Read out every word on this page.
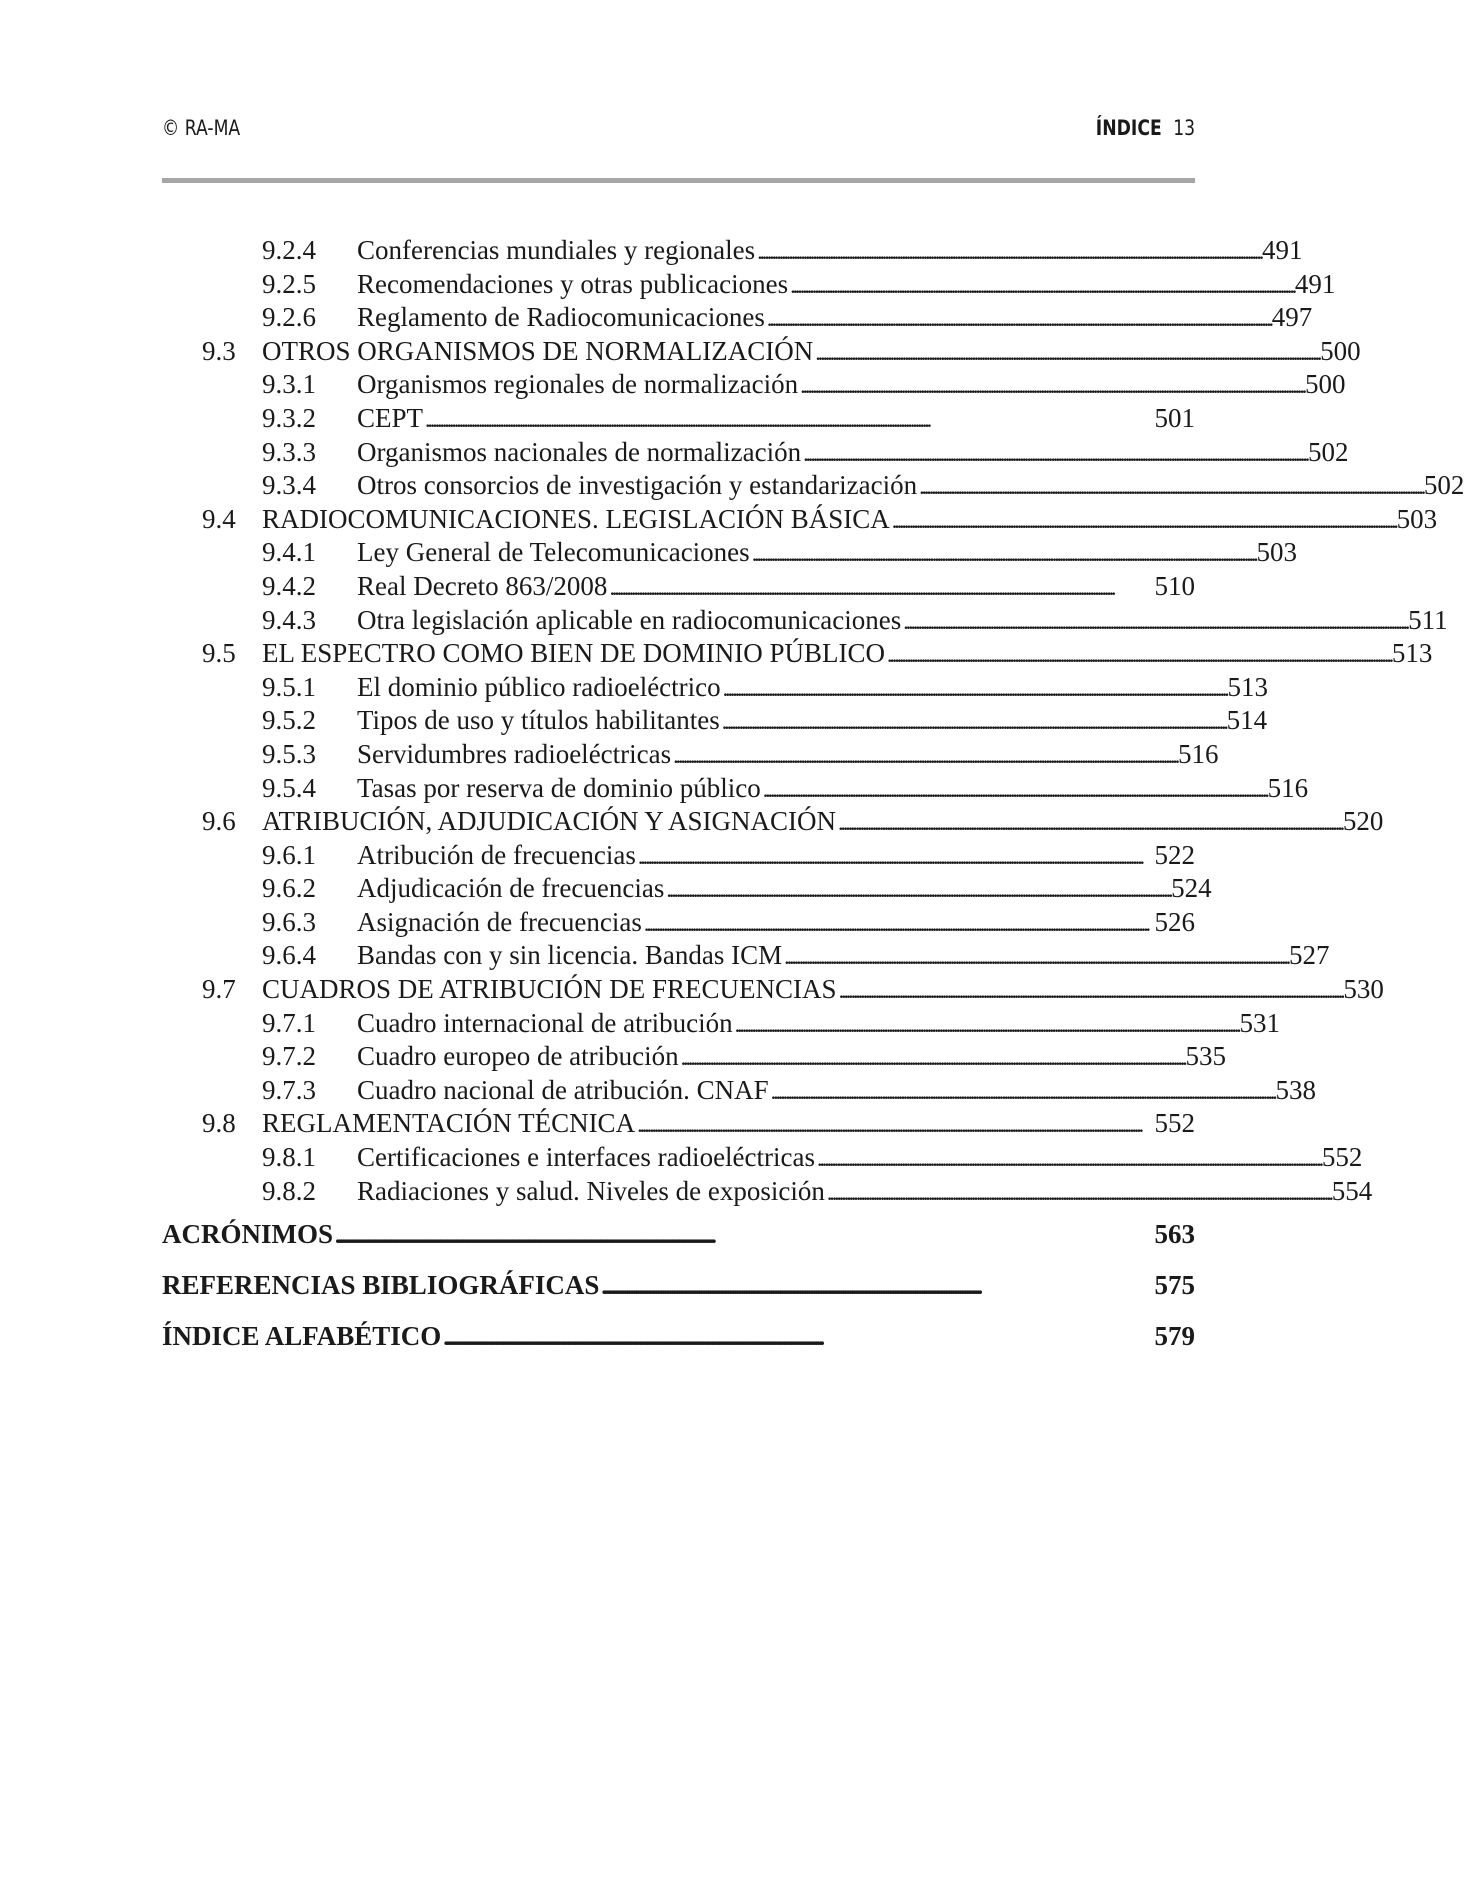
© RA-MA	ÍNDICE 13
9.2.4	Conferencias mundiales y regionales . . .	491
9.2.5	Recomendaciones y otras publicaciones . . .	491
9.2.6	Reglamento de Radiocomunicaciones . . .	497
9.3 OTROS ORGANISMOS DE NORMALIZACIÓN . . .	500
9.3.1	Organismos regionales de normalización . . .	500
9.3.2	CEPT . . .	501
9.3.3	Organismos nacionales de normalización . . .	502
9.3.4	Otros consorcios de investigación y estandarización . . .	502
9.4 RADIOCOMUNICACIONES. LEGISLACIÓN BÁSICA . . .	503
9.4.1	Ley General de Telecomunicaciones . . .	503
9.4.2	Real Decreto 863/2008 . . .	510
9.4.3	Otra legislación aplicable en radiocomunicaciones . . .	511
9.5 EL ESPECTRO COMO BIEN DE DOMINIO PÚBLICO . . .	513
9.5.1	El dominio público radioeléctrico . . .	513
9.5.2	Tipos de uso y títulos habilitantes . . .	514
9.5.3	Servidumbres radioeléctricas . . .	516
9.5.4	Tasas por reserva de dominio público . . .	516
9.6 ATRIBUCIÓN, ADJUDICACIÓN Y ASIGNACIÓN . . .	520
9.6.1	Atribución de frecuencias . . .	522
9.6.2	Adjudicación de frecuencias . . .	524
9.6.3	Asignación de frecuencias . . .	526
9.6.4	Bandas con y sin licencia. Bandas ICM . . .	527
9.7 CUADROS DE ATRIBUCIÓN DE FRECUENCIAS . . .	530
9.7.1	Cuadro internacional de atribución . . .	531
9.7.2	Cuadro europeo de atribución . . .	535
9.7.3	Cuadro nacional de atribución. CNAF . . .	538
9.8 REGLAMENTACIÓN TÉCNICA . . .	552
9.8.1	Certificaciones e interfaces radioeléctricas . . .	552
9.8.2	Radiaciones y salud. Niveles de exposición . . .	554
ACRÓNIMOS . . .	563
REFERENCIAS BIBLIOGRÁFICAS . . .	575
ÍNDICE ALFABÉTICO . . .	579
